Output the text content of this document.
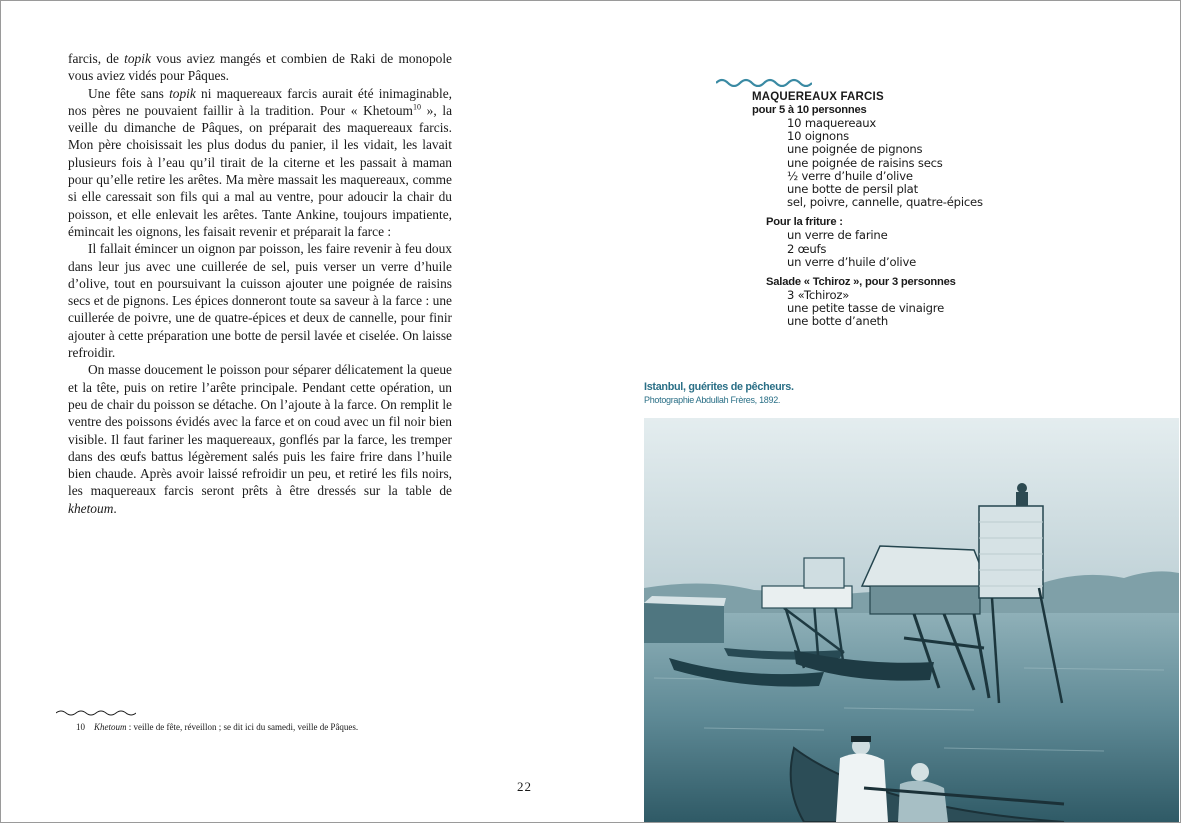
farcis, de topik vous aviez mangés et combien de Raki de monopole vous aviez vidés pour Pâques.

Une fête sans topik ni maquereaux farcis aurait été inimaginable, nos pères ne pouvaient faillir à la tradition. Pour « Khetoum$^{10}$ », la veille du dimanche de Pâques, on préparait des maquereaux farcis. Mon père choisissait les plus dodus du panier, il les vidait, les lavait plusieurs fois à l’eau qu’il tirait de la citerne et les passait à maman pour qu’elle retire les arêtes. Ma mère massait les maquereaux, comme si elle caressait son fils qui a mal au ventre, pour adoucir la chair du poisson, et elle enlevait les arêtes. Tante Ankine, toujours impatiente, émincait les oignons, les faisait revenir et préparait la farce :

Il fallait émincer un oignon par poisson, les faire revenir à feu doux dans leur jus avec une cuillerée de sel, puis verser un verre d’huile d’olive, tout en poursuivant la cuisson ajouter une poignée de raisins secs et de pignons. Les épices donneront toute sa saveur à la farce : une cuillerée de poivre, une de quatre-épices et deux de cannelle, pour finir ajouter à cette préparation une botte de persil lavée et ciselée. On laisse refroidir.

On masse doucement le poisson pour séparer délicatement la queue et la tête, puis on retire l’arête principale. Pendant cette opération, un peu de chair du poisson se détache. On l’ajoute à la farce. On remplit le ventre des poissons évidés avec la farce et on coud avec un fil noir bien visible. Il faut fariner les maquereaux, gonflés par la farce, les tremper dans des œufs battus légèrement salés puis les faire frire dans l’huile bien chaude. Après avoir laissé refroidir un peu, et retiré les fils noirs, les maquereaux farcis seront prêts à être dressés sur la table de khetoum.

10 Khetoum : veille de fête, réveillon ; se dit ici du samedi, veille de Pâques.
22
MAQUEREAUX FARCIS
pour 5 à 10 personnes
10 maquereaux
10 oignons
une poignée de pignons
une poignée de raisins secs
½ verre d’huile d’olive
une botte de persil plat
sel, poivre, cannelle, quatre-épices
Pour la friture :
un verre de farine
2 œufs
un verre d’huile d’olive
Salade « Tchiroz », pour 3 personnes
3 «Tchiroz»
une petite tasse de vinaigre
une botte d’aneth
Istanbul, guérites de pêcheurs.
Photographie Abdullah Frères, 1892.
